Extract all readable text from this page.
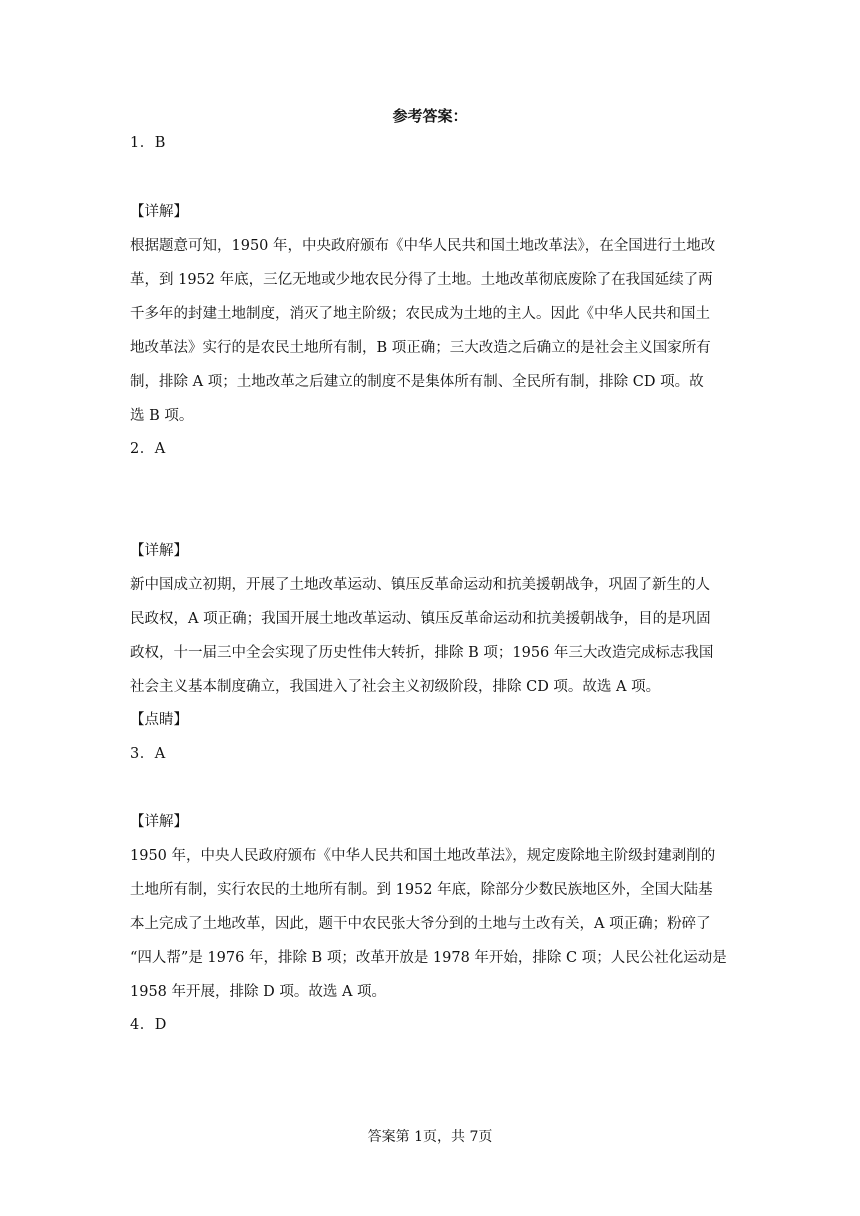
参考答案：
1．B
【详解】
根据题意可知，1950 年，中央政府颁布《中华人民共和国土地改革法》，在全国进行土地改
革，到 1952 年底，三亿无地或少地农民分得了土地。土地改革彻底废除了在我国延续了两
千多年的封建土地制度，消灭了地主阶级；农民成为土地的主人。因此《中华人民共和国土
地改革法》实行的是农民土地所有制，B 项正确；三大改造之后确立的是社会主义国家所有
制，排除 A 项；土地改革之后建立的制度不是集体所有制、全民所有制，排除 CD 项。故
选 B 项。
2．A
【详解】
新中国成立初期，开展了土地改革运动、镇压反革命运动和抗美援朝战争，巩固了新生的人
民政权，A 项正确；我国开展土地改革运动、镇压反革命运动和抗美援朝战争，目的是巩固
政权，十一届三中全会实现了历史性伟大转折，排除 B 项；1956 年三大改造完成标志我国
社会主义基本制度确立，我国进入了社会主义初级阶段，排除 CD 项。故选 A 项。
【点睛】
3．A
【详解】
1950 年，中央人民政府颁布《中华人民共和国土地改革法》，规定废除地主阶级封建剥削的
土地所有制，实行农民的土地所有制。到 1952 年底，除部分少数民族地区外，全国大陆基
本上完成了土地改革，因此，题干中农民张大爷分到的土地与土改有关，A 项正确；粉碎了
“四人帮”是 1976 年，排除 B 项；改革开放是 1978 年开始，排除 C 项；人民公社化运动是
1958 年开展，排除 D 项。故选 A 项。
4．D
答案第 1页，共 7页
